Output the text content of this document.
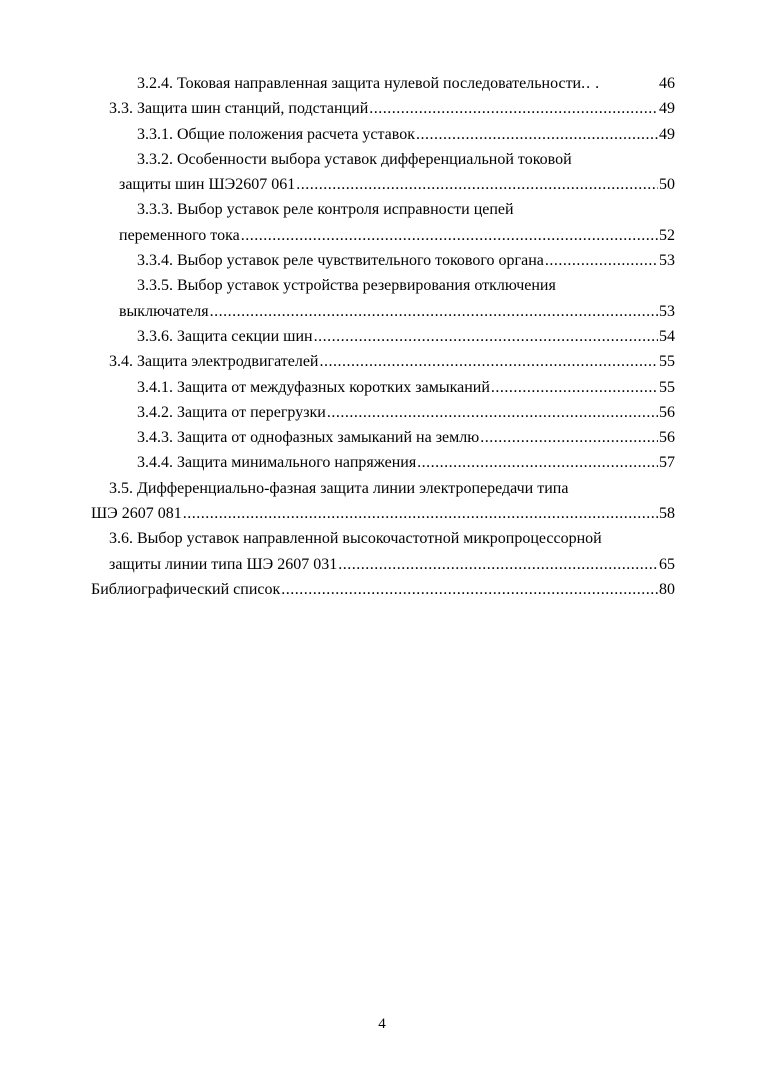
3.2.4. Токовая направленная защита нулевой последовательности. . .	46
3.3. Защита шин станций, подстанций .....	49
3.3.1. Общие положения расчета уставок .....	49
3.3.2. Особенности выбора уставок дифференциальной токовой
защиты шин ШЭ2607 061 .....	50
3.3.3. Выбор уставок реле контроля исправности цепей
переменного тока .....	52
3.3.4. Выбор уставок реле чувствительного токового органа .....	53
3.3.5. Выбор уставок устройства резервирования отключения
выключателя .....	53
3.3.6. Защита секции шин .....	54
3.4. Защита электродвигателей .....	55
3.4.1. Защита от междуфазных коротких замыканий .....	55
3.4.2. Защита от перегрузки .....	56
3.4.3. Защита от однофазных замыканий на землю .....	56
3.4.4. Защита минимального напряжения .....	57
3.5. Дифференциально-фазная защита линии электропередачи типа
ШЭ 2607 081 .....	58
3.6. Выбор уставок направленной высокочастотной микропроцессорной
защиты линии типа ШЭ 2607 031 .....	65
Библиографический список .....	80
4
